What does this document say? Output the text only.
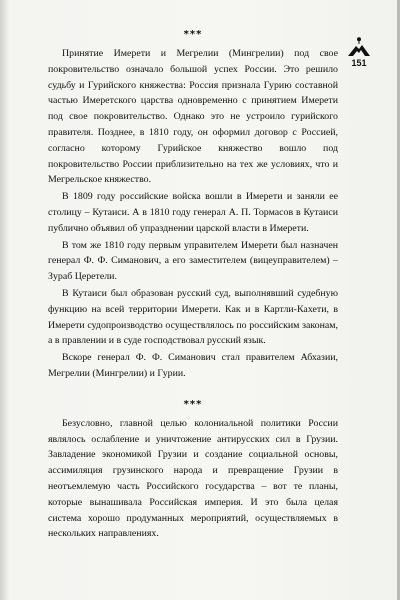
151
***

Принятие Имерети и Мегрелии (Мингрелии) под свое покровительство означало большой успех России. Это решило судьбу и Гурийского княжества: Россия признала Гурию составной частью Имеретского царства одновременно с принятием Имерети под свое покровительство. Однако это не устроило гурийского правителя. Позднее, в 1810 году, он оформил договор с Россией, согласно которому Гурийское княжество вошло под покровительство России приблизительно на тех же условиях, что и Мегрельское княжество.

В 1809 году российские войска вошли в Имерети и заняли ее столицу – Кутаиси. А в 1810 году генерал А. П. Тормасов в Кутаиси публично объявил об упразднении царской власти в Имерети.

В том же 1810 году первым управителем Имерети был назначен генерал Ф. Ф. Симанович, а его заместителем (вицеуправителем) – Зураб Церетели.

В Кутаиси был образован русский суд, выполнявший судебную функцию на всей территории Имерети. Как и в Картли-Кахети, в Имерети судопроизводство осуществлялось по российским законам, а в правлении и в суде господствовал русский язык.

Вскоре генерал Ф. Ф. Симанович стал правителем Абхазии, Мегрелии (Мингрелии) и Гурии.

***

Безусловно, главной целью колониальной политики России являлось ослабление и уничтожение антирусских сил в Грузии. Завладение экономикой Грузии и создание социальной основы, ассимиляция грузинского народа и превращение Грузии в неотъемлемую часть Российского государства – вот те планы, которые вынашивала Российская империя. И это была целая система хорошо продуманных мероприятий, осуществляемых в нескольких направлениях.
